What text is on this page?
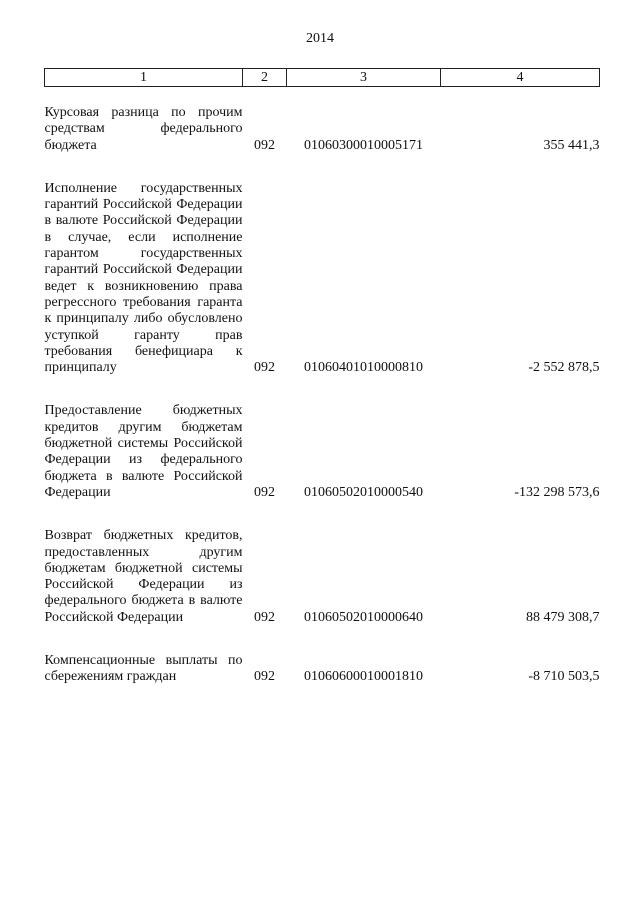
2014
1	2	3	4

Курсовая разница по прочим средствам федерального бюджета	092	01060300010005171	355 441,3

Исполнение государственных гарантий Российской Федерации в валюте Российской Федерации в случае, если исполнение гарантом государственных гарантий Российской Федерации ведет к возникновению права регрессного требования гаранта к принципалу либо обусловлено уступкой гаранту прав требования бенефициара к принципалу	092	01060401010000810	-2 552 878,5

Предоставление бюджетных кредитов другим бюджетам бюджетной системы Российской Федерации из федерального бюджета в валюте Российской Федерации	092	01060502010000540	-132 298 573,6

Возврат бюджетных кредитов, предоставленных другим бюджетам бюджетной системы Российской Федерации из федерального бюджета в валюте Российской Федерации	092	01060502010000640	88 479 308,7

Компенсационные выплаты по сбережениям граждан	092	01060600010001810	-8 710 503,5
